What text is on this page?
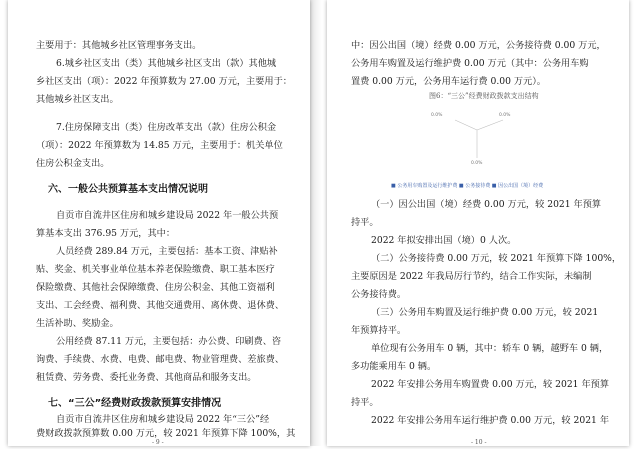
主要用于：其他城乡社区管理事务支出。
6.城乡社区支出（类）其他城乡社区支出（款）其他城
乡社区支出（项）：2022 年预算数为 27.00 万元，主要用于：
其他城乡社区支出。
7.住房保障支出（类）住房改革支出（款）住房公积金
（项）：2022 年预算数为 14.85 万元，主要用于：机关单位
住房公积金支出。
六、一般公共预算基本支出情况说明
自贡市自流井区住房和城乡建设局 2022 年一般公共预
算基本支出 376.95 万元，其中：
人员经费 289.84 万元，主要包括：基本工资、津贴补
贴、奖金、机关事业单位基本养老保险缴费、职工基本医疗
保险缴费、其他社会保障缴费、住房公积金、其他工资福利
支出、工会经费、福利费、其他交通费用、离休费、退休费、
生活补助、奖励金。
公用经费 87.11 万元，主要包括：办公费、印刷费、咨
询费、手续费、水费、电费、邮电费、物业管理费、差旅费、
租赁费、劳务费、委托业务费、其他商品和服务支出。
七、“三公”经费财政拨款预算安排情况
自贡市自流井区住房和城乡建设局 2022 年“三公”经
费财政拨款预算数 0.00 万元，较 2021 年预算下降 100%，其
- 9 -
中：因公出国（境）经费 0.00 万元，公务接待费 0.00 万元，
公务用车购置及运行维护费 0.00 万元（其中：公务用车购
置费 0.00 万元，公务用车运行费 0.00 万元）。
图6：“三公”经费财政拨款支出结构
0.0%	0.0%
0.0%
■ 公务用车购置及运行维护费 ■ 公务接待费 ■ 因公出国（境）经费
（一）因公出国（境）经费 0.00 万元，较 2021 年预算
持平。
2022 年拟安排出国（境）0 人次。
（二）公务接待费 0.00 万元，较 2021 年预算下降 100%，
主要原因是 2022 年我局厉行节约，结合工作实际，未编制
公务接待费。
（三）公务用车购置及运行维护费 0.00 万元，较 2021
年预算持平。
单位现有公务用车 0 辆，其中：轿车 0 辆，越野车 0 辆，
多功能乘用车 0 辆。
2022 年安排公务用车购置费 0.00 万元，较 2021 年预算
持平。
2022 年安排公务用车运行维护费 0.00 万元，较 2021 年
- 10 -
